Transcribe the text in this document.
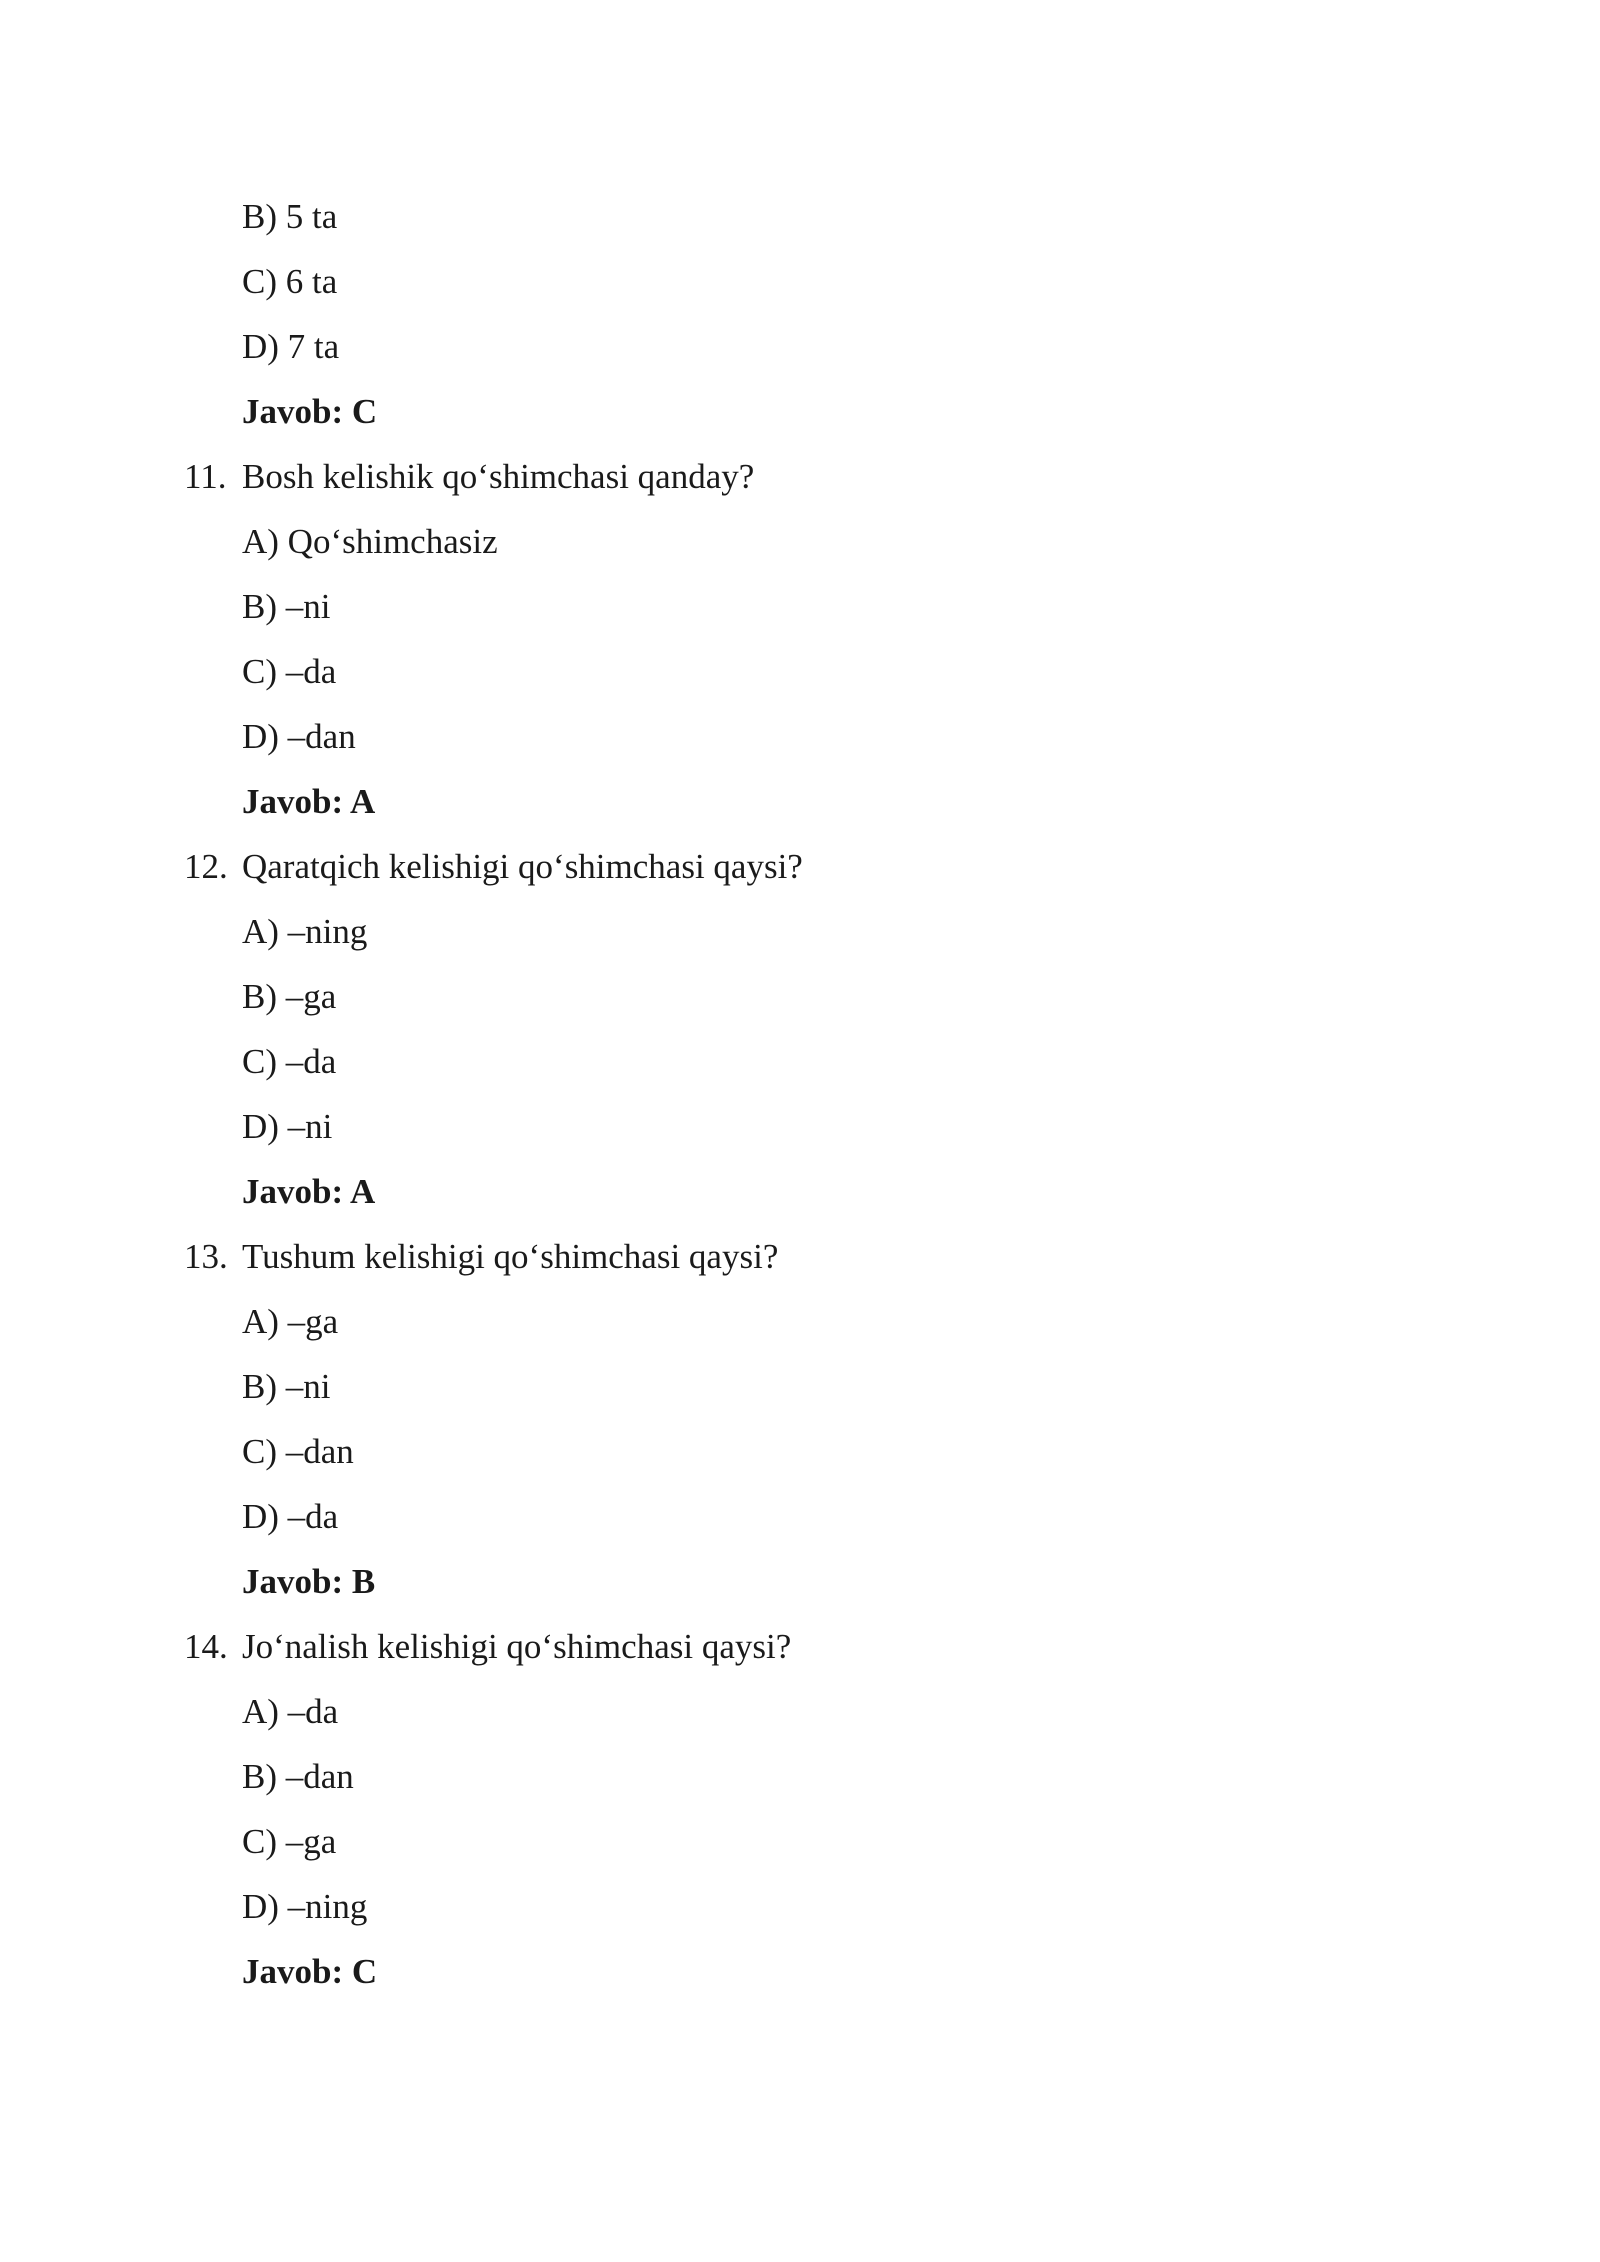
B) 5 ta
C) 6 ta
D) 7 ta
Javob: C
11. Bosh kelishik qo‘shimchasi qanday?
A) Qo‘shimchasiz
B) –ni
C) –da
D) –dan
Javob: A
12. Qaratqich kelishigi qo‘shimchasi qaysi?
A) –ning
B) –ga
C) –da
D) –ni
Javob: A
13. Tushum kelishigi qo‘shimchasi qaysi?
A) –ga
B) –ni
C) –dan
D) –da
Javob: B
14. Jo‘nalish kelishigi qo‘shimchasi qaysi?
A) –da
B) –dan
C) –ga
D) –ning
Javob: C
